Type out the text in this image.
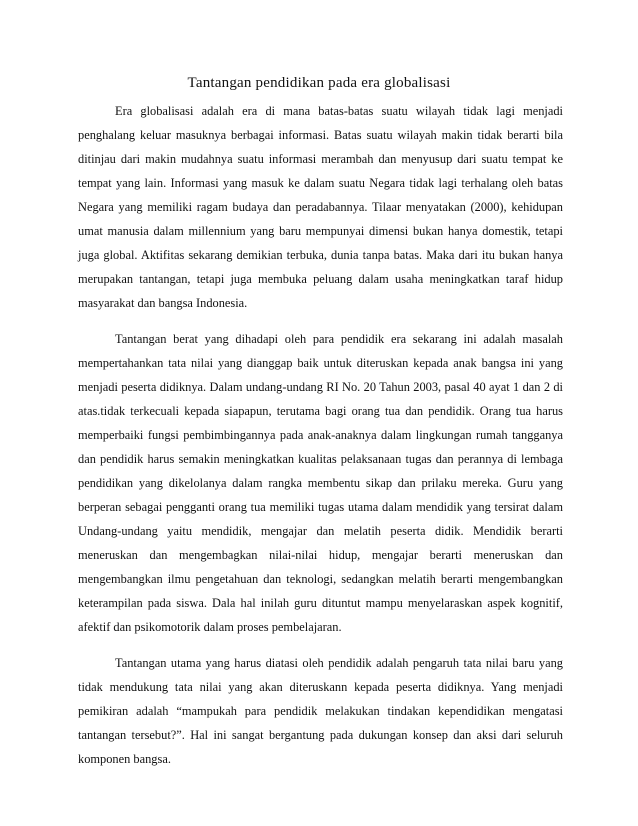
Tantangan pendidikan pada era globalisasi

Era globalisasi adalah era di mana batas-batas suatu wilayah tidak lagi menjadi

penghalang keluar masuknya berbagai informasi. Batas suatu wilayah makin tidak berarti bila

ditinjau dari makin mudahnya suatu informasi merambah dan menyusup dari suatu tempat ke

tempat yang lain. Informasi yang masuk ke dalam suatu Negara tidak lagi terhalang oleh batas

Negara yang memiliki ragam budaya dan peradabannya. Tilaar menyatakan (2000), kehidupan

umat manusia dalam millennium yang baru mempunyai dimensi bukan hanya domestik, tetapi

juga global. Aktifitas sekarang demikian terbuka, dunia tanpa batas. Maka dari itu bukan hanya

merupakan tantangan, tetapi juga membuka peluang dalam usaha meningkatkan taraf hidup

masyarakat dan bangsa Indonesia.

Tantangan berat yang dihadapi oleh para pendidik era sekarang ini adalah masalah

mempertahankan tata nilai yang dianggap baik untuk diteruskan kepada anak bangsa ini yang

menjadi peserta didiknya. Dalam undang-undang RI No. 20 Tahun 2003, pasal 40 ayat 1 dan 2 di

atas.tidak terkecuali kepada siapapun, terutama bagi orang tua dan pendidik. Orang tua harus

memperbaiki fungsi pembimbingannya pada anak-anaknya dalam lingkungan rumah tangganya

dan pendidik harus semakin meningkatkan kualitas pelaksanaan tugas dan perannya di lembaga

pendidikan yang dikelolanya dalam rangka membentu sikap dan prilaku mereka. Guru yang

berperan sebagai pengganti orang tua memiliki tugas utama dalam mendidik yang tersirat dalam

Undang-undang yaitu mendidik, mengajar dan melatih peserta didik. Mendidik berarti

meneruskan dan mengembagkan nilai-nilai hidup, mengajar berarti meneruskan dan

mengembangkan ilmu pengetahuan dan teknologi, sedangkan melatih berarti mengembangkan

keterampilan pada siswa. Dala hal inilah guru dituntut mampu menyelaraskan aspek kognitif,

afektif dan psikomotorik dalam proses pembelajaran.

Tantangan utama yang harus diatasi oleh pendidik adalah pengaruh tata nilai baru yang

tidak mendukung tata nilai yang akan diteruskann kepada peserta didiknya. Yang menjadi

pemikiran adalah “mampukah para pendidik melakukan tindakan kependidikan mengatasi

tantangan tersebut?”. Hal ini sangat bergantung pada dukungan konsep dan aksi dari seluruh

komponen bangsa.
